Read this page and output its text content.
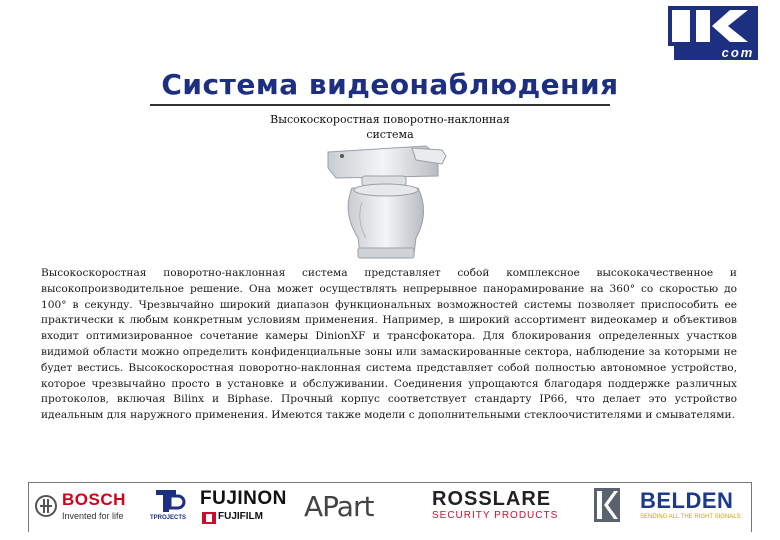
com
Система видеонаблюдения
Высокоскоростная поворотно-наклонная
система

Высокоскоростная поворотно-наклонная система представляет собой комплексное высококачественное и высокопроизводительное решение. Она может осуществлять непрерывное панорамирование на 360° со скоростью до 100° в секунду. Чрезвычайно широкий диапазон функциональных возможностей системы позволяет приспособить ее практически к любым конкретным условиям применения. Например, в широкий ассортимент видеокамер и объективов входит оптимизированное сочетание камеры DinionXF и трансфокатора. Для блокирования определенных участков видимой области можно определить конфиденциальные зоны или замаскированные сектора, наблюдение за которыми не будет вестись. Высокоскоростная поворотно-наклонная система представляет собой полностью автономное устройство, которое чрезвычайно просто в установке и обслуживании. Соединения упрощаются благодаря поддержке различных протоколов, включая Bilinx и Biphase. Прочный корпус соответствует стандарту IP66, что делает это устройство идеальным для наружного применения. Имеются также модели с дополнительными стеклоочистителями и смывателями.

BOSCH
Invented for life	TPROJECTS
FUJINON
FUJIFILM APart	ROSSLARE
SECURITY PRODUCTS
BELDEN
SENDING ALL THE RIGHT SIGNALS
